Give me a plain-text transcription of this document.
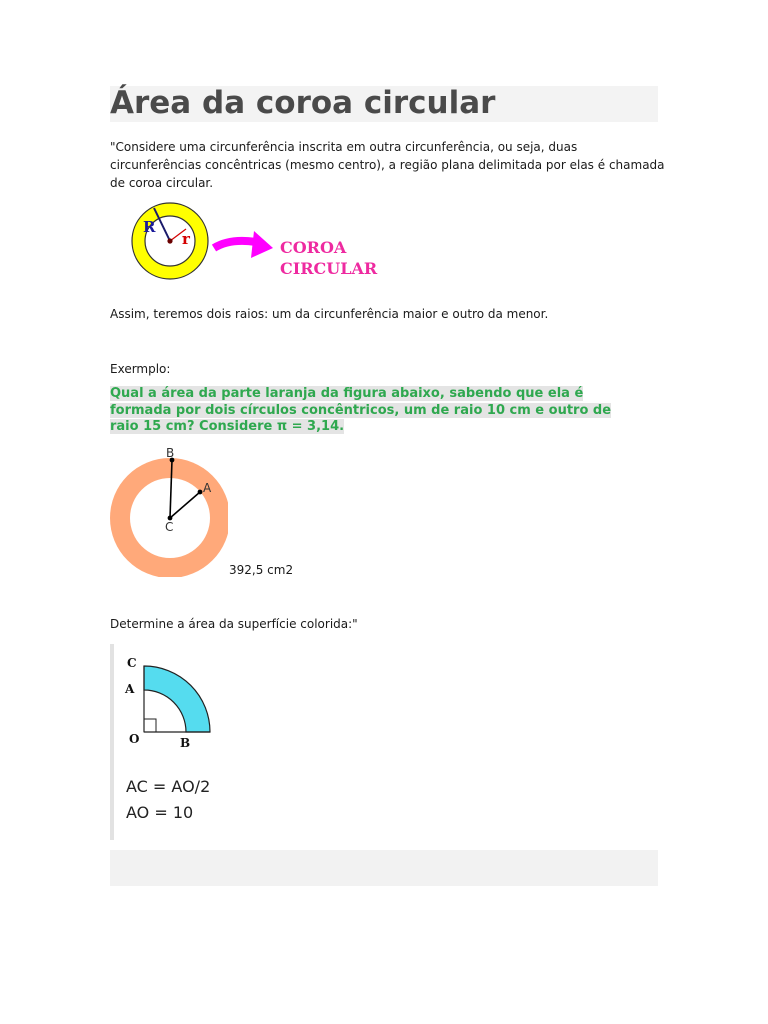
Área da coroa circular

"Considere uma circunferência inscrita em outra circunferência, ou seja, duas circunferências concêntricas (mesmo centro), a região plana delimitada por elas é chamada de coroa circular.

R
r	COROA
CIRCULAR

Assim, teremos dois raios: um da circunferência maior e outro da menor.

Exermplo:

Qual a área da parte laranja da figura abaixo, sabendo que ela é
formada por dois círculos concêntricos, um de raio 10 cm e outro de
raio 15 cm? Considere π = 3,14.

B
A
C
392,5 cm2

Determine a área da superfície colorida:"

C
A
O	B
AC = AO/2
AO = 10
